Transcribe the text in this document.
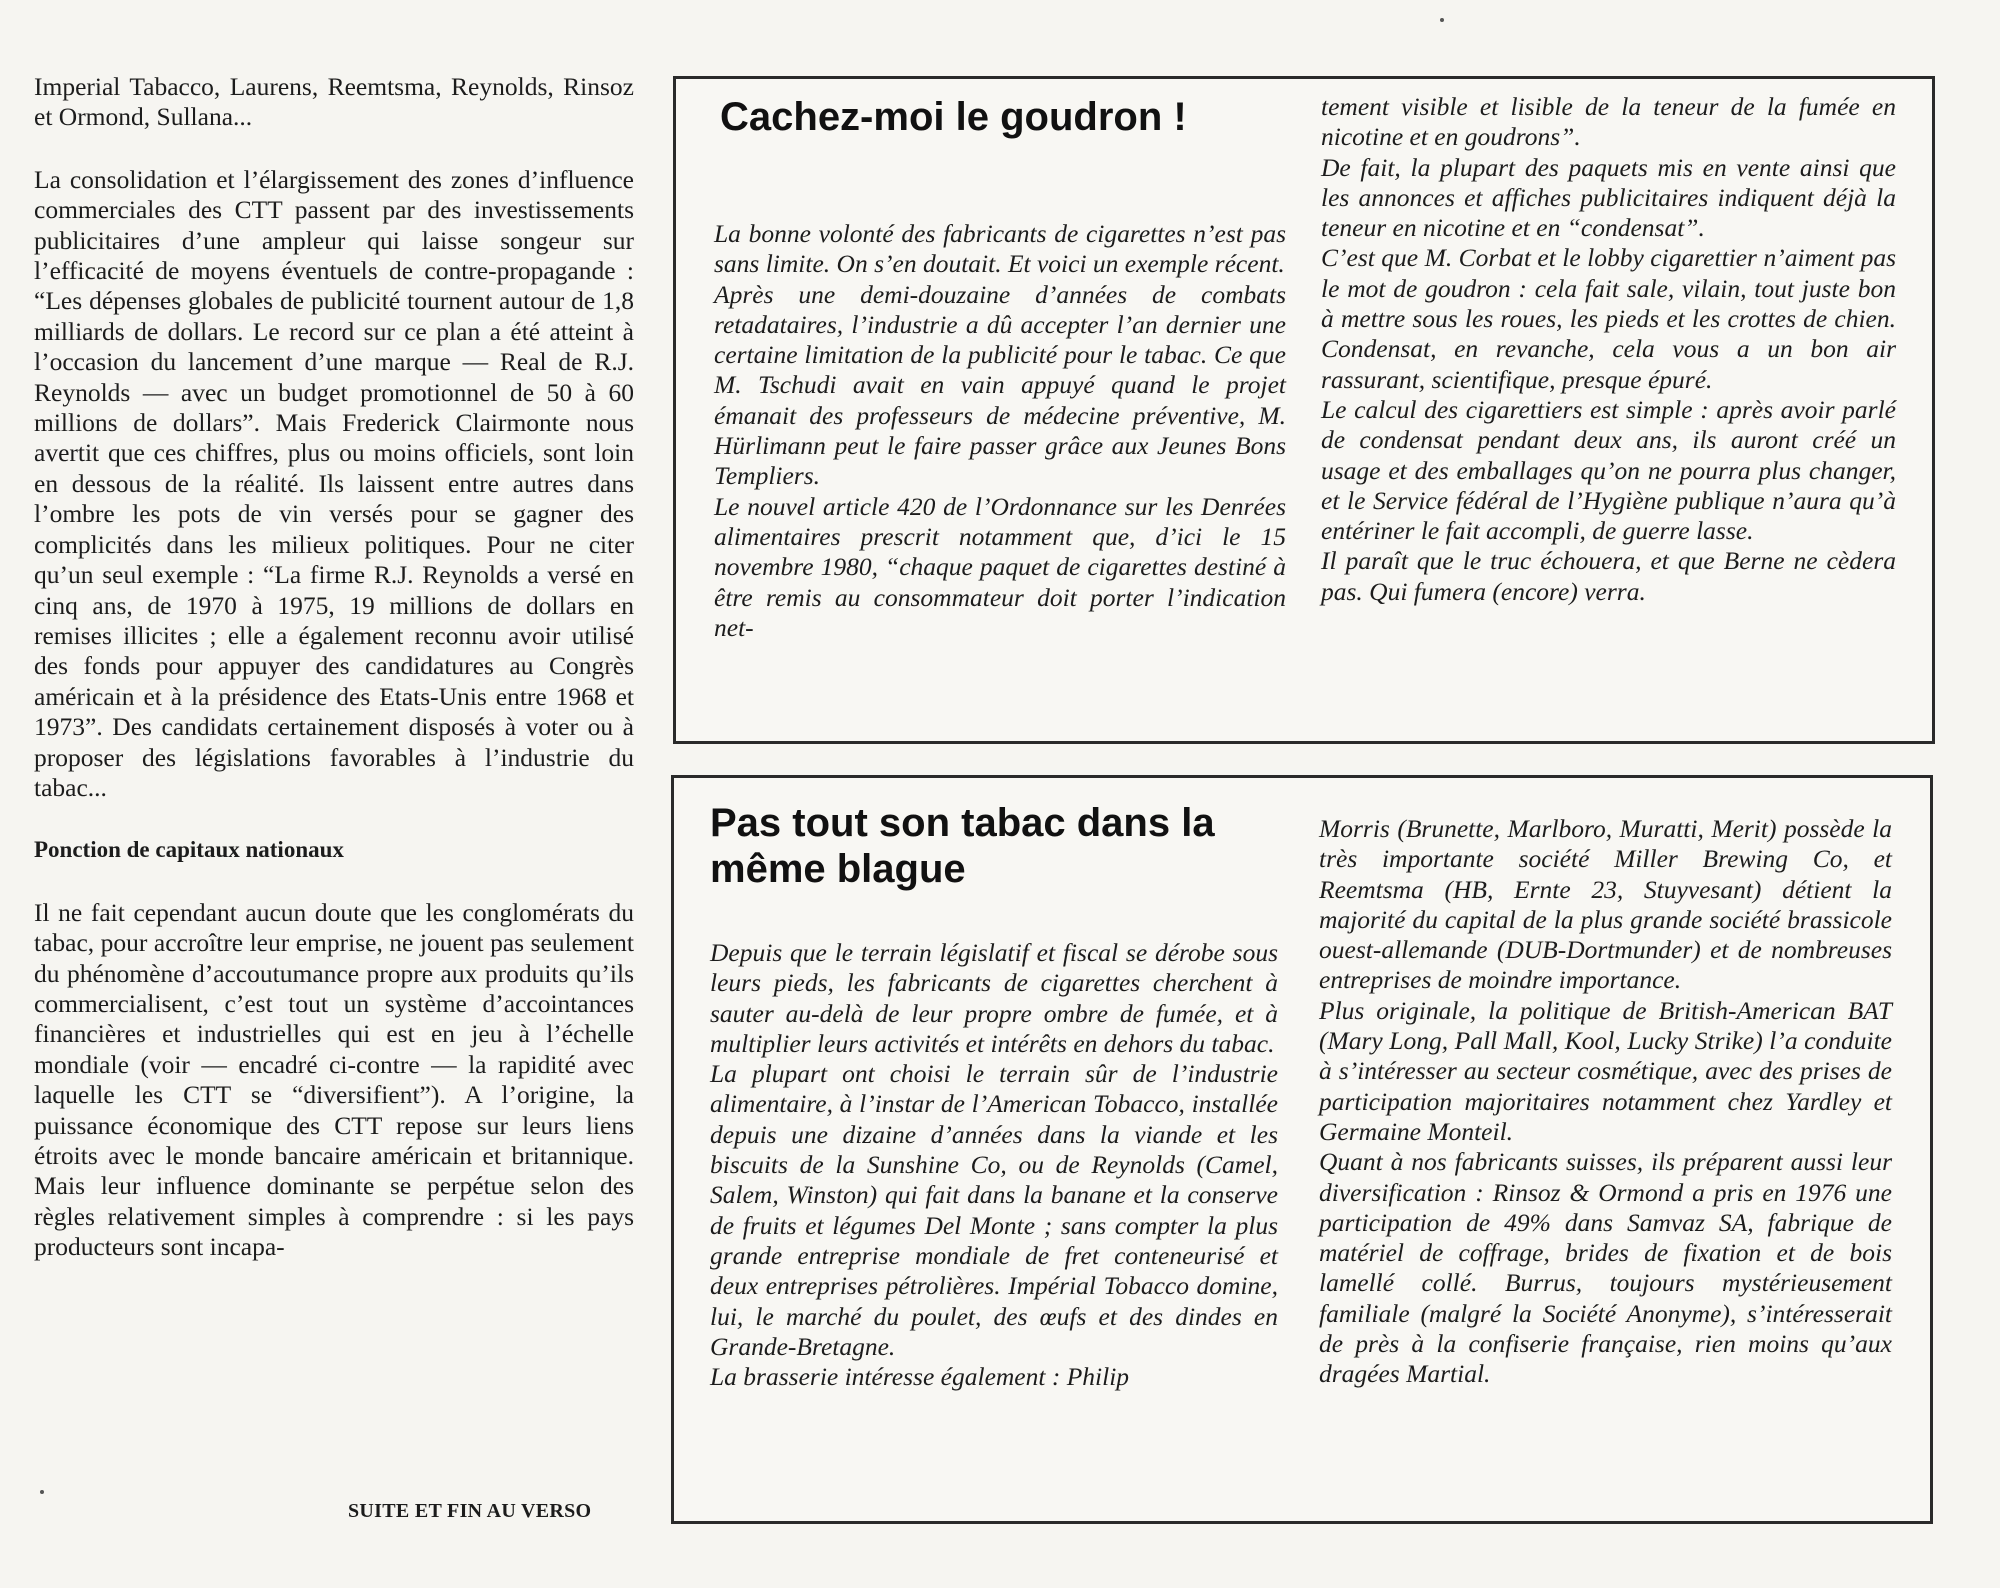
Imperial Tabacco, Laurens, Reemtsma, Reynolds, Rinsoz et Ormond, Sullana...

La consolidation et l’élargissement des zones d’influence commerciales des CTT passent par des investissements publicitaires d’une ampleur qui laisse songeur sur l’efficacité de moyens éventuels de contre-propagande : “Les dépenses globales de publicité tournent autour de 1,8 milliards de dollars. Le record sur ce plan a été atteint à l’occasion du lancement d’une marque — Real de R.J. Reynolds — avec un budget promotionnel de 50 à 60 millions de dollars”. Mais Frederick Clairmonte nous avertit que ces chiffres, plus ou moins officiels, sont loin en dessous de la réalité. Ils laissent entre autres dans l’ombre les pots de vin versés pour se gagner des complicités dans les milieux politiques. Pour ne citer qu’un seul exemple : “La firme R.J. Reynolds a versé en cinq ans, de 1970 à 1975, 19 millions de dollars en remises illicites ; elle a également reconnu avoir utilisé des fonds pour appuyer des candidatures au Congrès américain et à la présidence des Etats-Unis entre 1968 et 1973”. Des candidats certainement disposés à voter ou à proposer des législations favorables à l’industrie du tabac...

Ponction de capitaux nationaux

Il ne fait cependant aucun doute que les conglomérats du tabac, pour accroître leur emprise, ne jouent pas seulement du phénomène d’accoutumance propre aux produits qu’ils commercialisent, c’est tout un système d’accointances financières et industrielles qui est en jeu à l’échelle mondiale (voir — encadré ci-contre — la rapidité avec laquelle les CTT se “diversifient”). A l’origine, la puissance économique des CTT repose sur leurs liens étroits avec le monde bancaire américain et britannique. Mais leur influence dominante se perpétue selon des règles relativement simples à comprendre : si les pays producteurs sont incapa-

SUITE ET FIN AU VERSO
Cachez-moi le goudron !

La bonne volonté des fabricants de cigarettes n’est pas sans limite. On s’en doutait. Et voici un exemple récent.

Après une demi-douzaine d’années de combats retadataires, l’industrie a dû accepter l’an dernier une certaine limitation de la publicité pour le tabac. Ce que M. Tschudi avait en vain appuyé quand le projet émanait des professeurs de médecine préventive, M. Hürlimann peut le faire passer grâce aux Jeunes Bons Templiers.

Le nouvel article 420 de l’Ordonnance sur les Denrées alimentaires prescrit notamment que, d’ici le 15 novembre 1980, “chaque paquet de cigarettes destiné à être remis au consommateur doit porter l’indication net-

tement visible et lisible de la teneur de la fumée en nicotine et en goudrons”.

De fait, la plupart des paquets mis en vente ainsi que les annonces et affiches publicitaires indiquent déjà la teneur en nicotine et en “condensat”.

C’est que M. Corbat et le lobby cigarettier n’aiment pas le mot de goudron : cela fait sale, vilain, tout juste bon à mettre sous les roues, les pieds et les crottes de chien. Condensat, en revanche, cela vous a un bon air rassurant, scientifique, presque épuré.

Le calcul des cigarettiers est simple : après avoir parlé de condensat pendant deux ans, ils auront créé un usage et des emballages qu’on ne pourra plus changer, et le Service fédéral de l’Hygiène publique n’aura qu’à entériner le fait accompli, de guerre lasse.

Il paraît que le truc échouera, et que Berne ne cèdera pas. Qui fumera (encore) verra.

Pas tout son tabac dans la même blague

Depuis que le terrain législatif et fiscal se dérobe sous leurs pieds, les fabricants de cigarettes cherchent à sauter au-delà de leur propre ombre de fumée, et à multiplier leurs activités et intérêts en dehors du tabac.

La plupart ont choisi le terrain sûr de l’industrie alimentaire, à l’instar de l’American Tobacco, installée depuis une dizaine d’années dans la viande et les biscuits de la Sunshine Co, ou de Reynolds (Camel, Salem, Winston) qui fait dans la banane et la conserve de fruits et légumes Del Monte ; sans compter la plus grande entreprise mondiale de fret conteneurisé et deux entreprises pétrolières. Impérial Tobacco domine, lui, le marché du poulet, des œufs et des dindes en Grande-Bretagne.

La brasserie intéresse également : Philip

Morris (Brunette, Marlboro, Muratti, Merit) possède la très importante société Miller Brewing Co, et Reemtsma (HB, Ernte 23, Stuyvesant) détient la majorité du capital de la plus grande société brassicole ouest-allemande (DUB-Dortmunder) et de nombreuses entreprises de moindre importance.

Plus originale, la politique de British-American BAT (Mary Long, Pall Mall, Kool, Lucky Strike) l’a conduite à s’intéresser au secteur cosmétique, avec des prises de participation majoritaires notamment chez Yardley et Germaine Monteil.

Quant à nos fabricants suisses, ils préparent aussi leur diversification : Rinsoz & Ormond a pris en 1976 une participation de 49% dans Samvaz SA, fabrique de matériel de coffrage, brides de fixation et de bois lamellé collé. Burrus, toujours mystérieusement familiale (malgré la Société Anonyme), s’intéresserait de près à la confiserie française, rien moins qu’aux dragées Martial.
